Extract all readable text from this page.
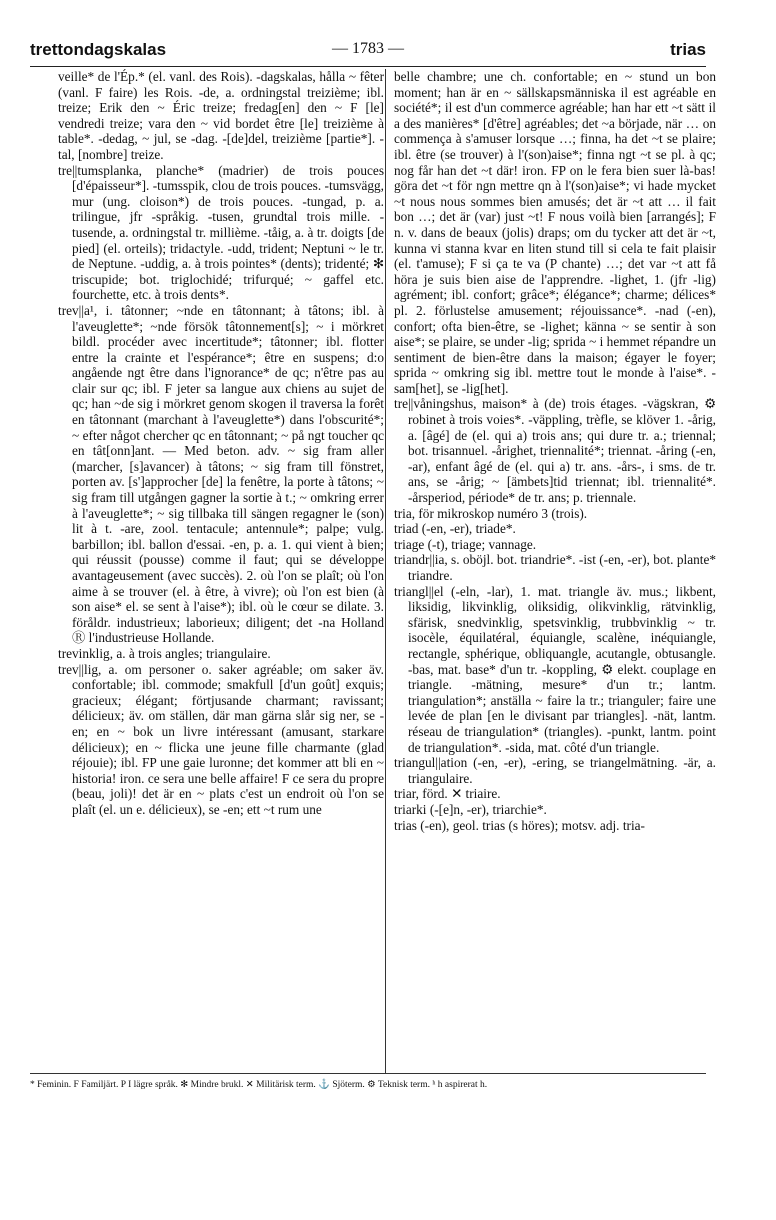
trettondagskalas	— 1783 —	trias

veille* de l'Ép.* (el. vanl. des Rois). -dagskalas, hålla ~ fêter (vanl. F faire) les Rois. -de, a. ordningstal treizième; ibl. treize; Erik den ~ Éric treize; fredag[en] den ~ F [le] vendredi treize; vara den ~ vid bordet être [le] treizième à table*. -dedag, ~ jul, se -dag. -[de]del, treizième [partie*]. -tal, [nombre] treize.

tre||tumsplanka, planche* (madrier) de trois pouces [d'épaisseur*]. -tumsspik, clou de trois pouces. -tumsvägg, mur (ung. cloison*) de trois pouces. -tungad, p. a. trilingue, jfr -språkig. -tusen, grundtal trois mille. -tusende, a. ordningstal tr. millième. -tåig, a. à tr. doigts [de pied] (el. orteils); tridactyle. -udd, trident; Neptuni ~ le tr. de Neptune. -uddig, a. à trois pointes* (dents); tridenté; ✻ triscupide; bot. triglochidé; trifurqué; ~ gaffel etc. fourchette, etc. à trois dents*.

trev||a¹, i. tâtonner; ~nde en tâtonnant; à tâtons; ibl. à l'aveuglette*; ~nde försök tâtonnement[s]; ~ i mörkret bildl. procéder avec incertitude*; tâtonner; ibl. flotter entre la crainte et l'espérance*; être en suspens; d:o angående ngt être dans l'ignorance* de qc; n'être pas au clair sur qc; ibl. F jeter sa langue aux chiens au sujet de qc; han ~de sig i mörkret genom skogen il traversa la forêt en tâtonnant (marchant à l'aveuglette*) dans l'obscurité*; ~ efter något chercher qc en tâtonnant; ~ på ngt toucher qc en tât[onn]ant. — Med beton. adv. ~ sig fram aller (marcher, [s]avancer) à tâtons; ~ sig fram till fönstret, porten av. [s']approcher [de] la fenêtre, la porte à tâtons; ~ sig fram till utgången gagner la sortie à t.; ~ omkring errer à l'aveuglette*; ~ sig tillbaka till sängen regagner le (son) lit à t. -are, zool. tentacule; antennule*; palpe; vulg. barbillon; ibl. ballon d'essai. -en, p. a. 1. qui vient à bien; qui réussit (pousse) comme il faut; qui se développe avantageusement (avec succès). 2. où l'on se plaît; où l'on aime à se trouver (el. à être, à vivre); où l'on est bien (à son aise* el. se sent à l'aise*); ibl. où le cœur se dilate. 3. föråldr. industrieux; laborieux; diligent; det -na Holland Ⓡ l'industrieuse Hollande.

trevinklig, a. à trois angles; triangulaire.

trev||lig, a. om personer o. saker agréable; om saker äv. confortable; ibl. commode; smakfull [d'un goût] exquis; gracieux; élégant; förtjusande charmant; ravissant; délicieux; äv. om ställen, där man gärna slår sig ner, se -en; en ~ bok un livre intéressant (amusant, starkare délicieux); en ~ flicka une jeune fille charmante (glad réjouie); ibl. FP une gaie luronne; det kommer att bli en ~ historia! iron. ce sera une belle affaire! F ce sera du propre (beau, joli)! det är en ~ plats c'est un endroit où l'on se plaît (el. un e. délicieux), se -en; ett ~t rum une

belle chambre; une ch. confortable; en ~ stund un bon moment; han är en ~ sällskapsmänniska il est agréable en société*; il est d'un commerce agréable; han har ett ~t sätt il a des manières* [d'être] agréables; det ~a började, när … on commença à s'amuser lorsque …; finna, ha det ~t se plaire; ibl. être (se trouver) à l'(son)aise*; finna ngt ~t se pl. à qc; nog får han det ~t där! iron. FP on le fera bien suer là-bas! göra det ~t för ngn mettre qn à l'(son)aise*; vi hade mycket ~t nous nous sommes bien amusés; det är ~t att … il fait bon …; det är (var) just ~t! F nous voilà bien [arrangés]; F n. v. dans de beaux (jolis) draps; om du tycker att det är ~t, kunna vi stanna kvar en liten stund till si cela te fait plaisir (el. t'amuse); F si ça te va (P chante) …; det var ~t att få höra je suis bien aise de l'apprendre. -lighet, 1. (jfr -lig) agrément; ibl. confort; grâce*; élégance*; charme; délices* pl. 2. förlustelse amusement; réjouissance*. -nad (-en), confort; ofta bien-être, se -lighet; känna ~ se sentir à son aise*; se plaire, se under -lig; sprida ~ i hemmet répandre un sentiment de bien-être dans la maison; égayer le foyer; sprida ~ omkring sig ibl. mettre tout le monde à l'aise*. -sam[het], se -lig[het].

tre||våningshus, maison* à (de) trois étages. -vägskran, ⚙ robinet à trois voies*. -väppling, trèfle, se klöver 1. -årig, a. [âgé] de (el. qui a) trois ans; qui dure tr. a.; triennal; bot. trisannuel. -årighet, triennalité*; triennat. -åring (-en, -ar), enfant âgé de (el. qui a) tr. ans. -års-, i sms. de tr. ans, se -årig; ~ [ämbets]tid triennat; ibl. triennalité*. -årsperiod, période* de tr. ans; p. triennale.

tria, för mikroskop numéro 3 (trois).

triad (-en, -er), triade*.

triage (-t), triage; vannage.

triandr||ia, s. oböjl. bot. triandrie*. -ist (-en, -er), bot. plante* triandre.

triangl||el (-eln, -lar), 1. mat. triangle äv. mus.; likbent, liksidig, likvinklig, oliksidig, olikvinklig, rätvinklig, sfärisk, snedvinklig, spetsvinklig, trubbvinklig ~ tr. isocèle, équilatéral, équiangle, scalène, inéquiangle, rectangle, sphérique, obliquangle, acutangle, obtusangle. -bas, mat. base* d'un tr. -koppling, ⚙ elekt. couplage en triangle. -mätning, mesure* d'un tr.; lantm. triangulation*; anställa ~ faire la tr.; trianguler; faire une levée de plan [en le divisant par triangles]. -nät, lantm. réseau de triangulation* (triangles). -punkt, lantm. point de triangulation*. -sida, mat. côté d'un triangle.

triangul||ation (-en, -er), -ering, se triangelmätning. -är, a. triangulaire.

triar, förd. ✕ triaire.

triarki (-[e]n, -er), triarchie*.

trias (-en), geol. trias (s höres); motsv. adj. tria-

* Feminin. F Familjärt. P I lägre språk. ✻ Mindre brukl. ✕ Militärisk term. ⚓ Sjöterm. ⚙ Teknisk term. ʰ h aspirerat h.
